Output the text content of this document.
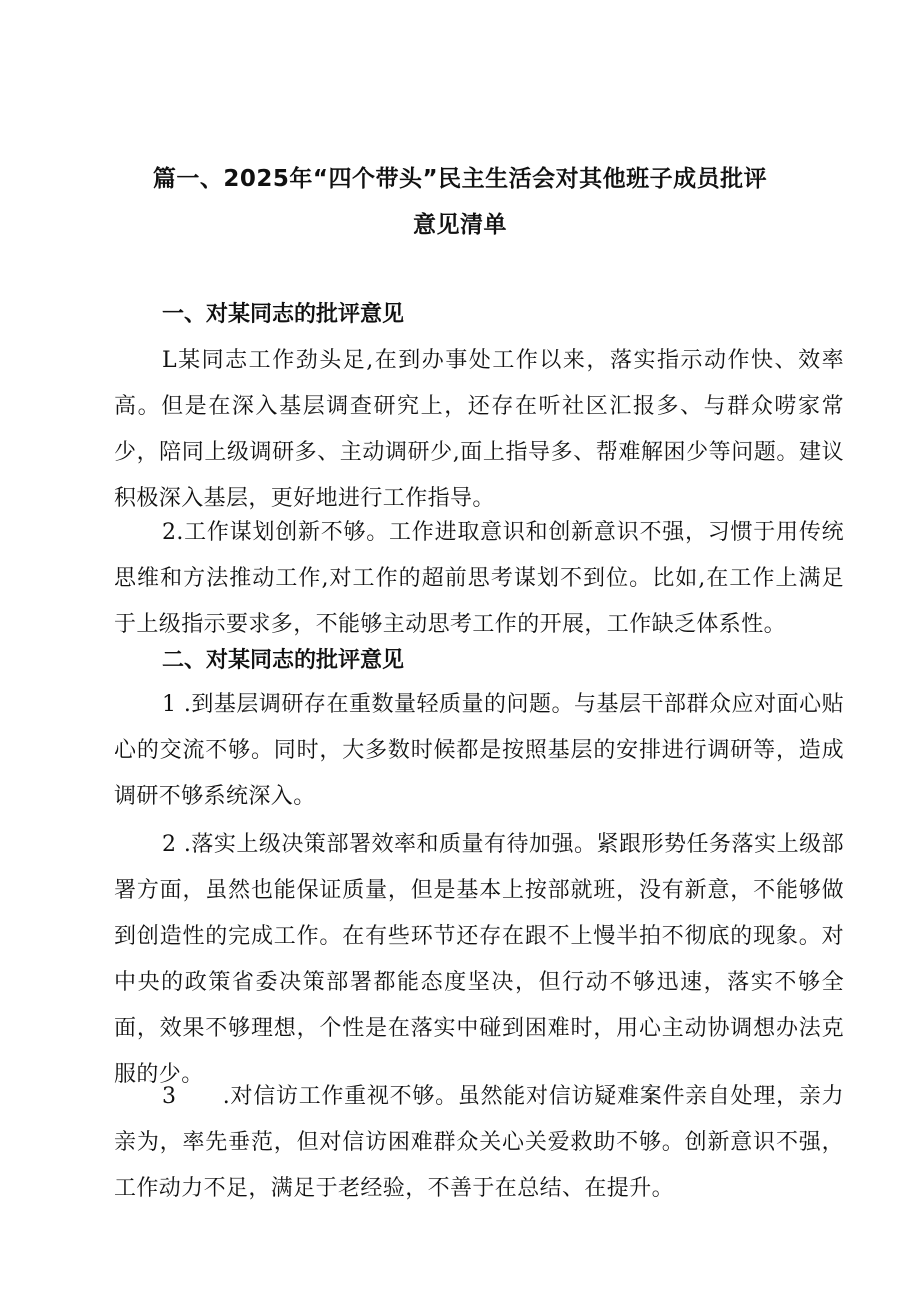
篇一、2025年“四个带头”民主生活会对其他班子成员批评
意见清单
一、对某同志的批评意见
L某同志工作劲头足,在到办事处工作以来，落实指示动作快、效率高。但是在深入基层调查研究上，还存在听社区汇报多、与群众唠家常少，陪同上级调研多、主动调研少,面上指导多、帮难解困少等问题。建议积极深入基层，更好地进行工作指导。
2.工作谋划创新不够。工作进取意识和创新意识不强，习惯于用传统思维和方法推动工作,对工作的超前思考谋划不到位。比如,在工作上满足于上级指示要求多，不能够主动思考工作的开展，工作缺乏体系性。
二、对某同志的批评意见
1 .到基层调研存在重数量轻质量的问题。与基层干部群众应对面心贴心的交流不够。同时，大多数时候都是按照基层的安排进行调研等，造成调研不够系统深入。
2 .落实上级决策部署效率和质量有待加强。紧跟形势任务落实上级部署方面，虽然也能保证质量，但是基本上按部就班，没有新意，不能够做到创造性的完成工作。在有些环节还存在跟不上慢半拍不彻底的现象。对中央的政策省委决策部署都能态度坚决，但行动不够迅速，落实不够全面，效果不够理想，个性是在落实中碰到困难时，用心主动协调想办法克服的少。
3      .对信访工作重视不够。虽然能对信访疑难案件亲自处理，亲力亲为，率先垂范，但对信访困难群众关心关爱救助不够。创新意识不强，工作动力不足，满足于老经验，不善于在总结、在提升。
